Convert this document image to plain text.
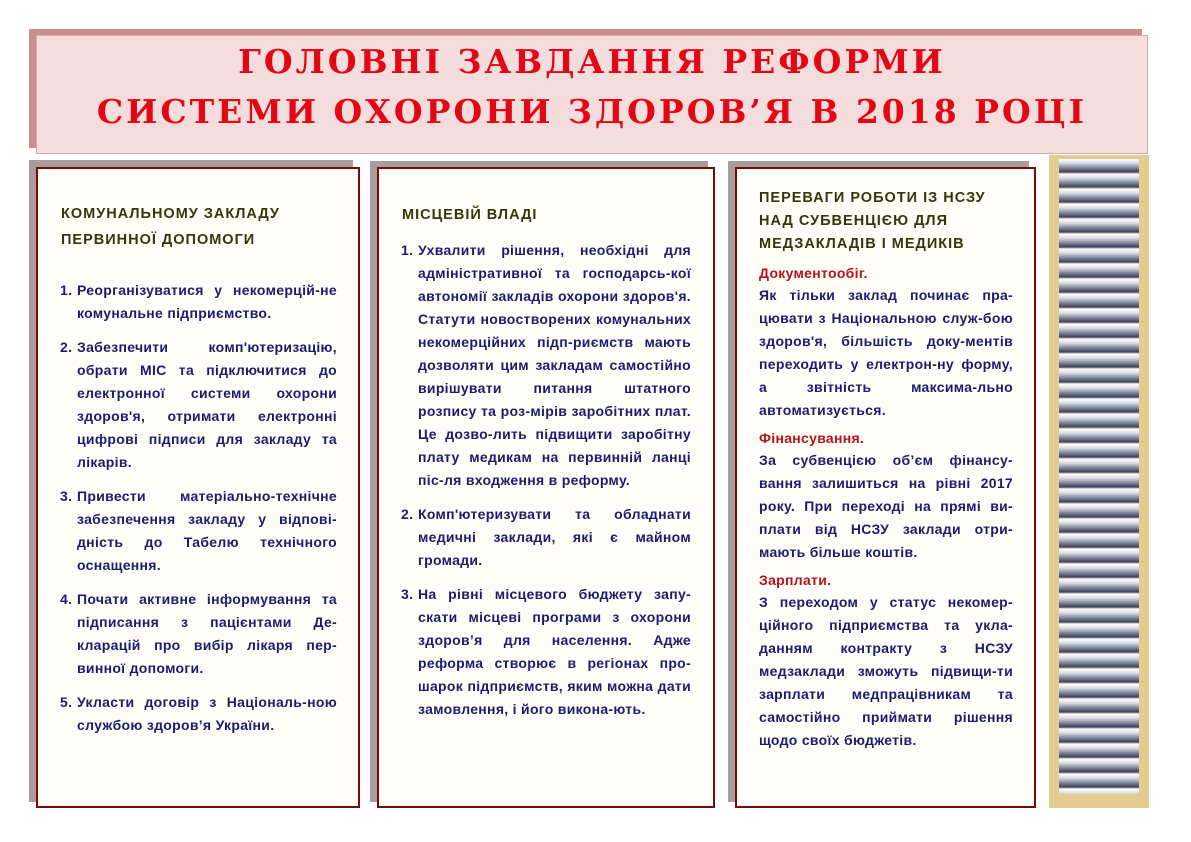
ГОЛОВНІ ЗАВДАННЯ РЕФОРМИ
СИСТЕМИ ОХОРОНИ ЗДОРОВ’Я В 2018 РОЦІ
КОМУНАЛЬНОМУ ЗАКЛАДУ
ПЕРВИННОЇ ДОПОМОГИ
1. Реорганізуватися у некомерцій-не комунальне підприємство.
2. Забезпечити комп'ютеризацію, обрати МІС та підключитися до електронної системи охорони здоров'я, отримати електронні цифрові підписи для закладу та лікарів.
3. Привести матеріально-технічне забезпечення закладу у відпові-дність до Табелю технічного оснащення.
4. Почати активне інформування та підписання з пацієнтами Де-кларацій про вибір лікаря пер-винної допомоги.
5. Укласти договір з Національ-ною службою здоров’я України.
МІСЦЕВІЙ ВЛАДІ
1. Ухвалити рішення, необхідні для адміністративної та господарсь-кої автономії закладів охорони здоров'я. Статути новостворених комунальних некомерційних підп-риємств мають дозволяти цим закладам самостійно вирішувати питання штатного розпису та роз-мірів заробітних плат. Це дозво-лить підвищити заробітну плату медикам на первинній ланці піс-ля входження в реформу.
2. Комп'ютеризувати та обладнати медичні заклади, які є майном громади.
3. На рівні місцевого бюджету запу-скати місцеві програми з охорони здоров’я для населення. Адже реформа створює в регіонах про-шарок підприємств, яким можна дати замовлення, і його викона-ють.
ПЕРЕВАГИ РОБОТИ ІЗ НСЗУ
НАД СУБВЕНЦІЄЮ ДЛЯ
МЕДЗАКЛАДІВ І МЕДИКІВ
Документообіг.
Як тільки заклад починає пра-цювати з Національною служ-бою здоров'я, більшість доку-ментів переходить у електрон-ну форму, а звітність максима-льно автоматизується.
Фінансування.
За субвенцією об’єм фінансу-вання залишиться на рівні 2017 року. При переході на прямі ви-плати від НСЗУ заклади отри-мають більше коштів.
Зарплати.
З переходом у статус некомер-ційного підприємства та укла-данням контракту з НСЗУ медзаклади зможуть підвищи-ти зарплати медпрацівникам та самостійно приймати рішення щодо своїх бюджетів.
